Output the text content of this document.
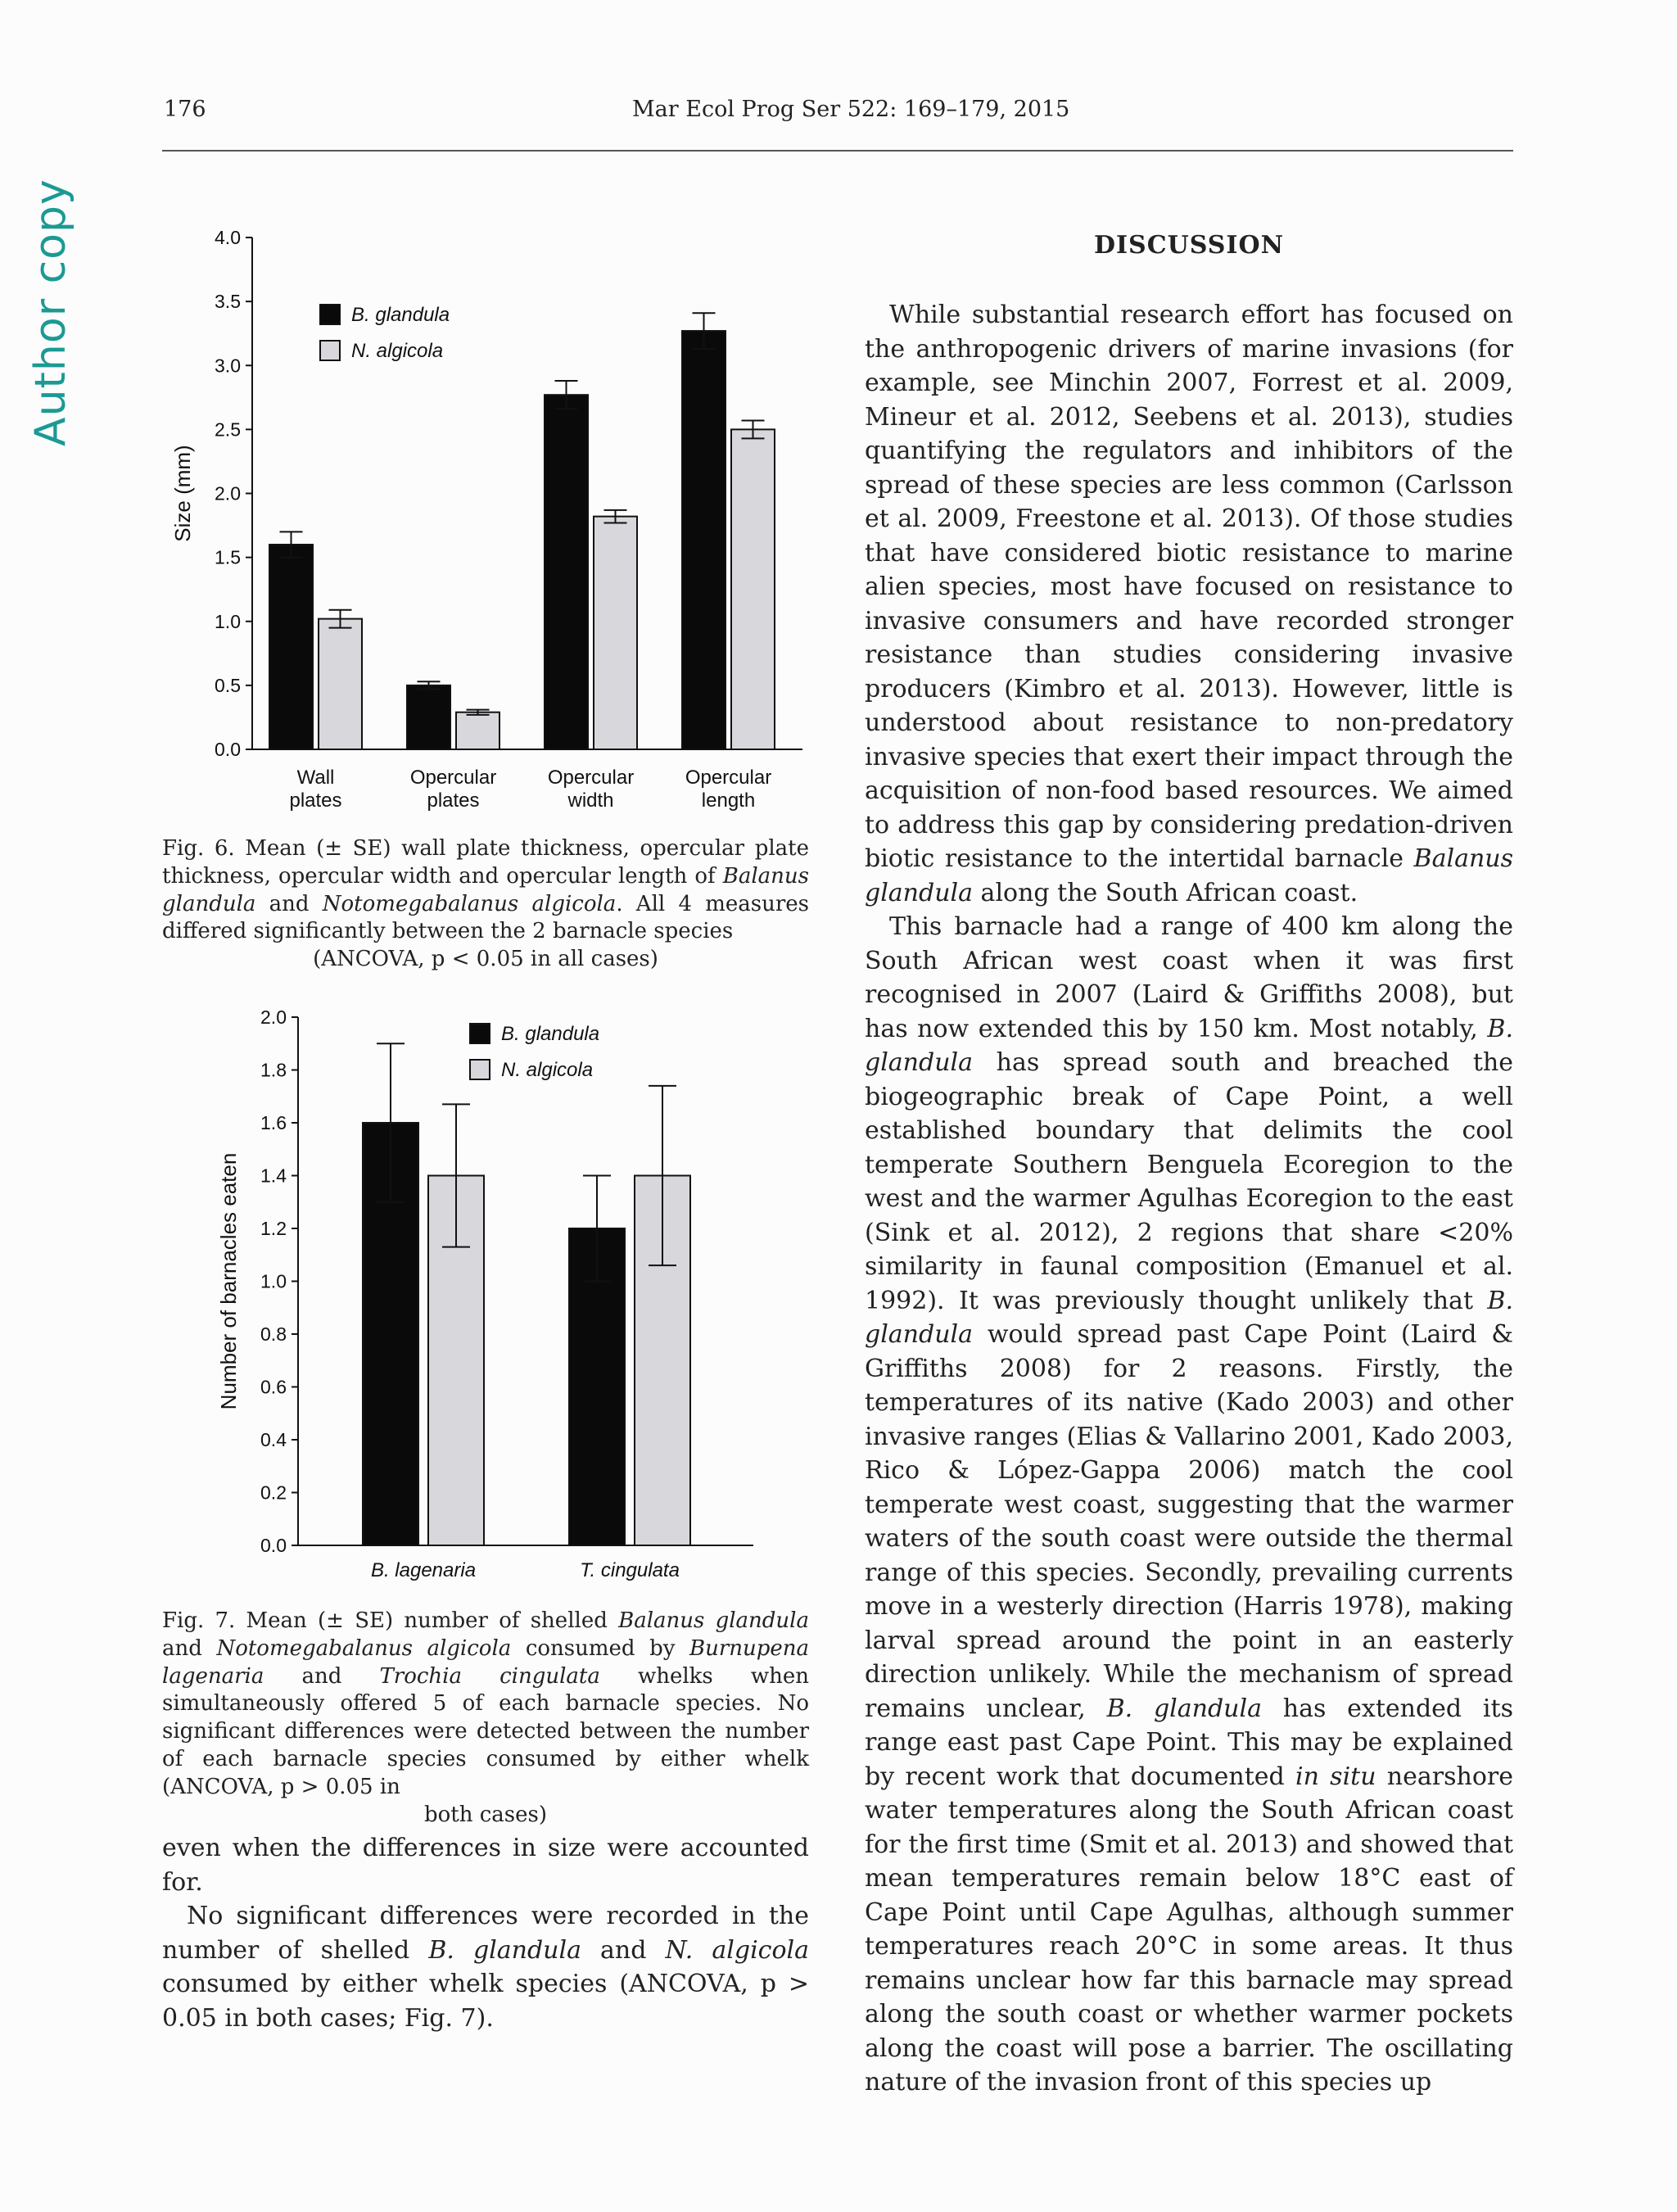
176	Mar Ecol Prog Ser 522: 169–179, 2015
Author copy
0.0
0.5
1.0
1.5
2.0
2.5
3.0
3.5
4.0
Size (mm)
Wall
plates
Opercular
plates
Opercular
width
Opercular
length
B. glandula
N. algicola
Fig. 6. Mean (± SE) wall plate thickness, opercular plate thickness, opercular width and opercular length of Balanus glandula and Notomegabalanus algicola. All 4 measures differed significantly between the 2 barnacle species
(ANCOVA, p < 0.05 in all cases)
0.0
0.2
0.4
0.6
0.8
1.0
1.2
1.4
1.6
1.8
2.0
Number of barnacles eaten
B. lagenaria	T. cingulata
B. glandula
N. algicola
Fig. 7. Mean (± SE) number of shelled Balanus glandula and Notomegabalanus algicola consumed by Burnupena lagenaria and Trochia cingulata whelks when simultaneously offered 5 of each barnacle species. No significant differences were detected between the number of each barnacle species consumed by either whelk (ANCOVA, p > 0.05 in
both cases)

even when the differences in size were accounted for.

No significant differences were recorded in the number of shelled B. glandula and N. algicola consumed by either whelk species (ANCOVA, p > 0.05 in both cases; Fig. 7).

DISCUSSION

While substantial research effort has focused on the anthropogenic drivers of marine invasions (for example, see Minchin 2007, Forrest et al. 2009, Mineur et al. 2012, Seebens et al. 2013), studies quantifying the regulators and inhibitors of the spread of these species are less common (Carlsson et al. 2009, Freestone et al. 2013). Of those studies that have considered biotic resistance to marine alien species, most have focused on resistance to invasive consumers and have recorded stronger resistance than studies considering invasive producers (Kimbro et al. 2013). However, little is understood about resistance to non-predatory invasive species that exert their impact through the acquisition of non-food based resources. We aimed to address this gap by considering predation-driven biotic resistance to the intertidal barnacle Balanus glandula along the South African coast.

This barnacle had a range of 400 km along the South African west coast when it was first recognised in 2007 (Laird & Griffiths 2008), but has now extended this by 150 km. Most notably, B. glandula has spread south and breached the biogeographic break of Cape Point, a well established boundary that delimits the cool temperate Southern Benguela Ecoregion to the west and the warmer Agulhas Ecoregion to the east (Sink et al. 2012), 2 regions that share <20% similarity in faunal composition (Emanuel et al. 1992). It was previously thought unlikely that B. glandula would spread past Cape Point (Laird & Griffiths 2008) for 2 reasons. Firstly, the temperatures of its native (Kado 2003) and other invasive ranges (Elias & Vallarino 2001, Kado 2003, Rico & López-Gappa 2006) match the cool temperate west coast, suggesting that the warmer waters of the south coast were outside the thermal range of this species. Secondly, prevailing currents move in a westerly direction (Harris 1978), making larval spread around the point in an easterly direction unlikely. While the mechanism of spread remains unclear, B. glandula has extended its range east past Cape Point. This may be explained by recent work that documented in situ nearshore water temperatures along the South African coast for the first time (Smit et al. 2013) and showed that mean temperatures remain below 18°C east of Cape Point until Cape Agulhas, although summer temperatures reach 20°C in some areas. It thus remains unclear how far this barnacle may spread along the south coast or whether warmer pockets along the coast will pose a barrier. The oscillating nature of the invasion front of this species up
